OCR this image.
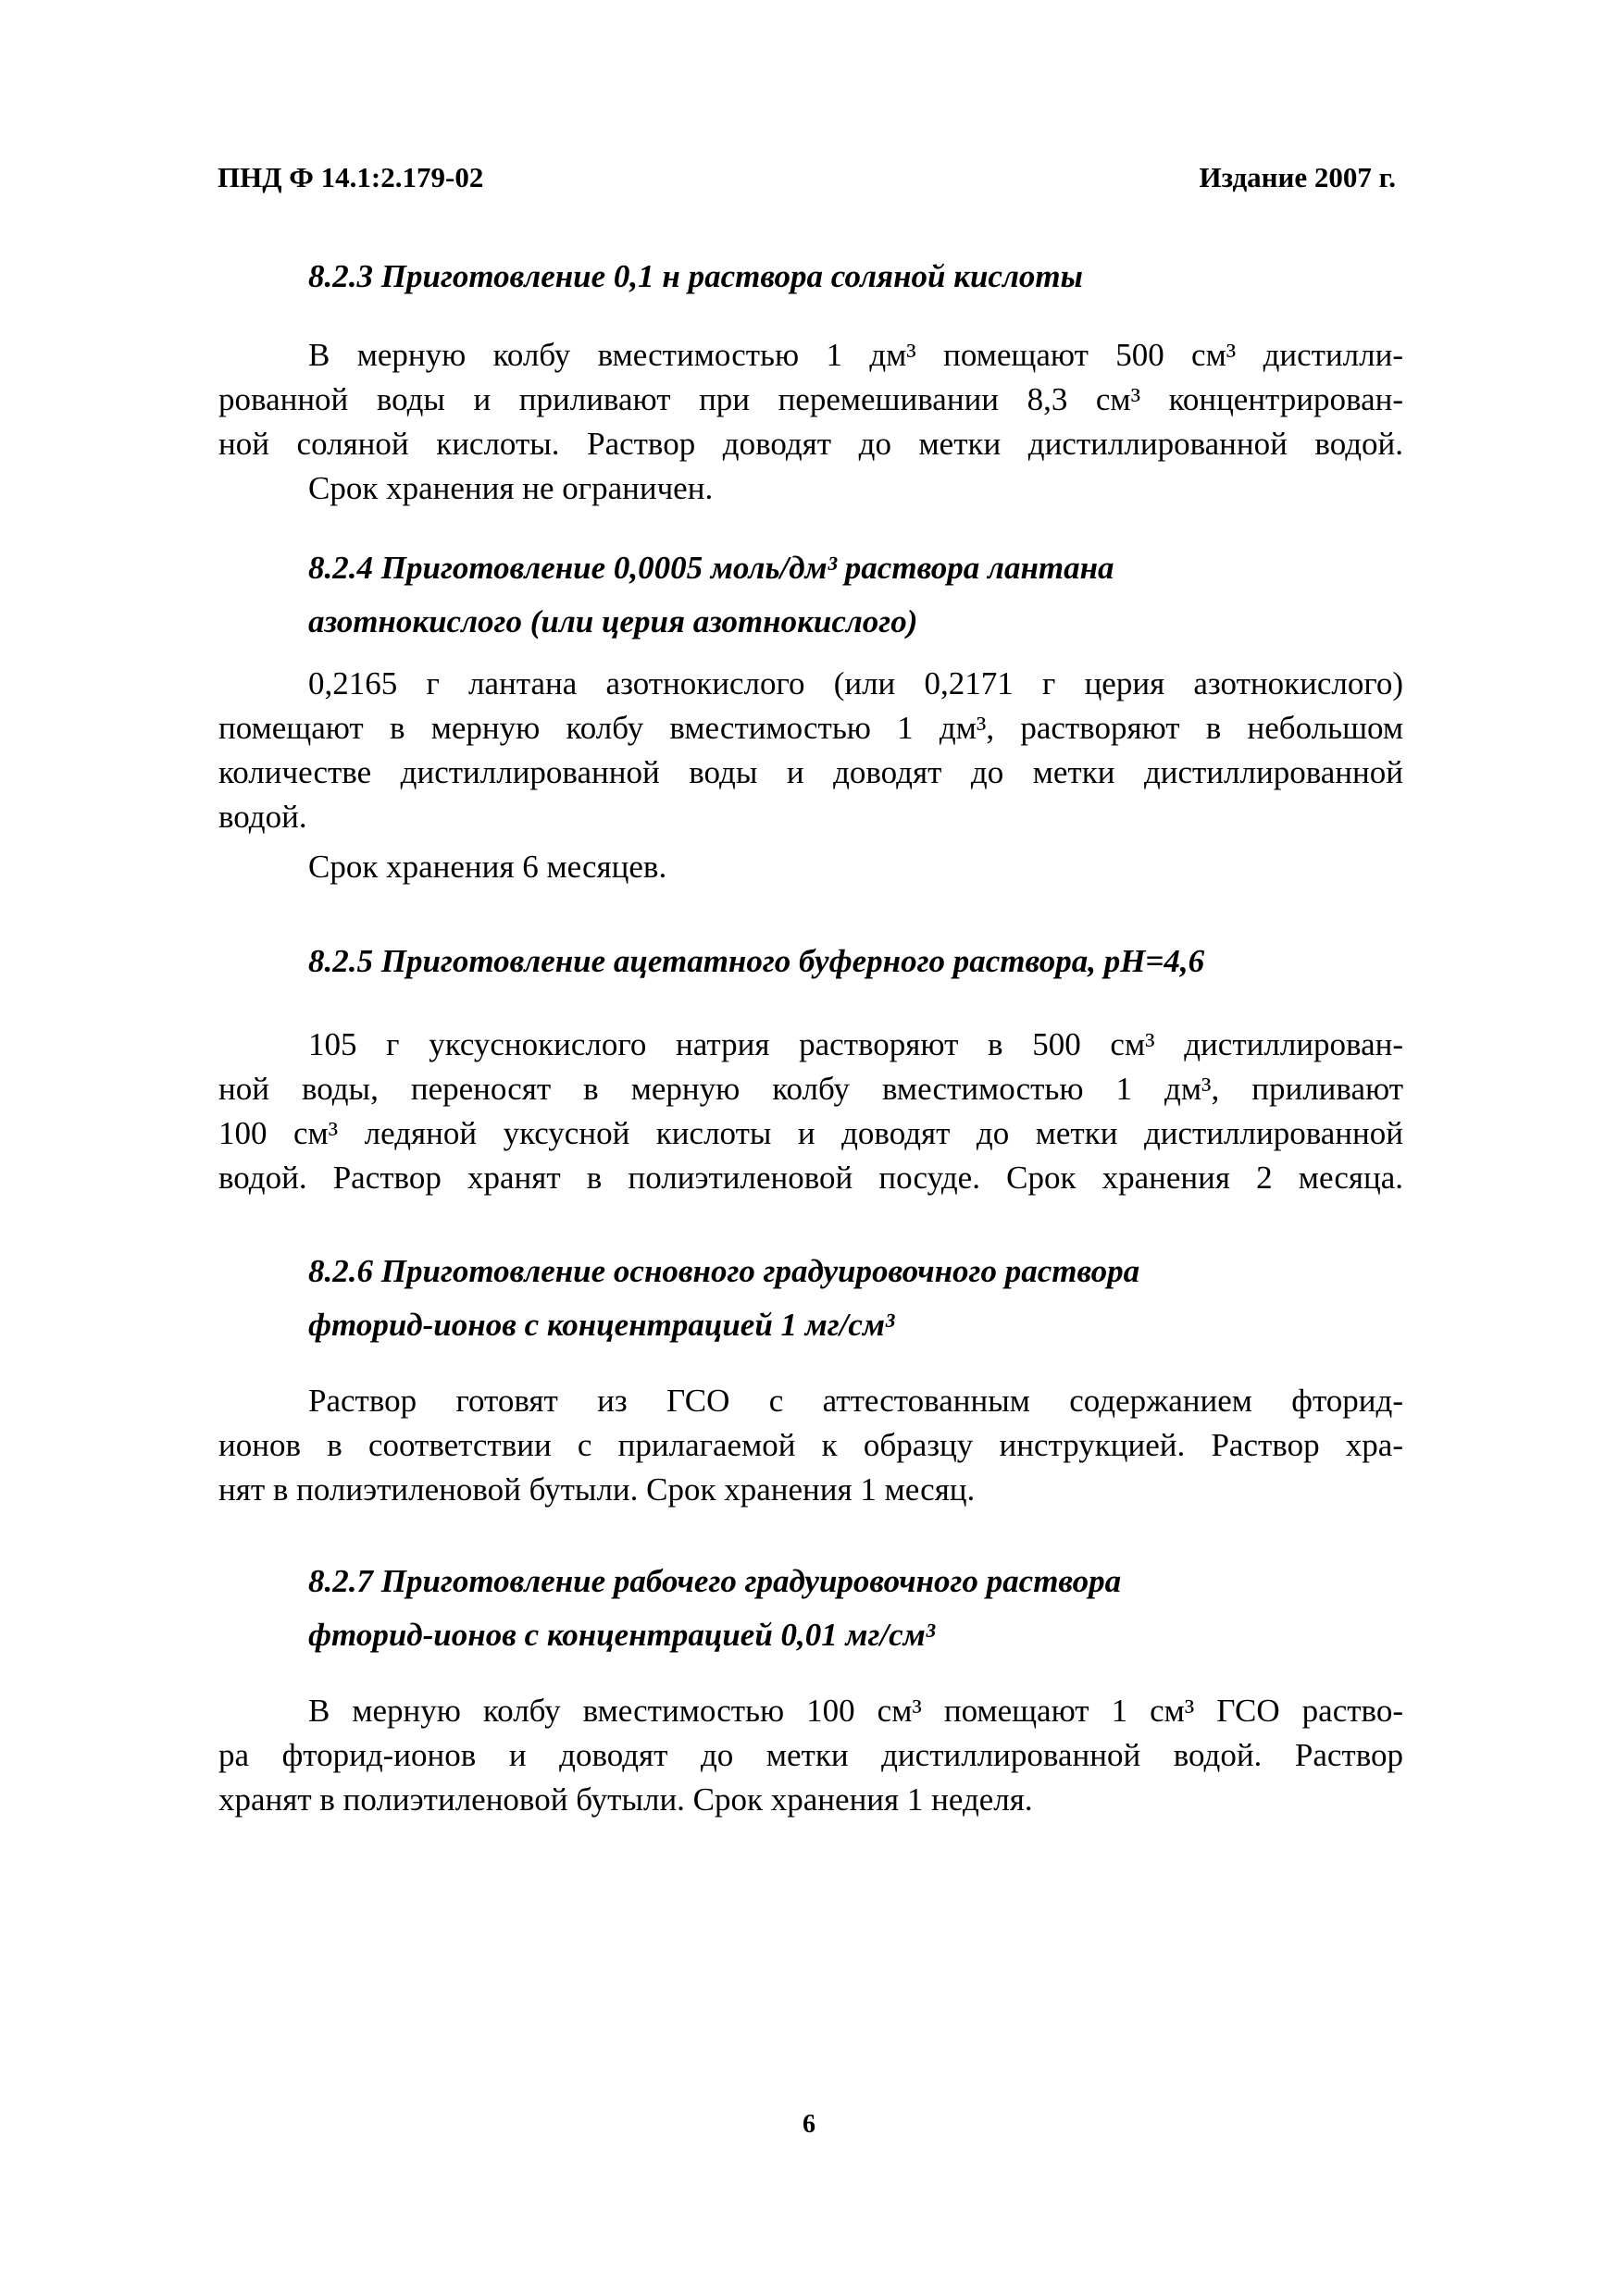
ПНД Ф 14.1:2.179-02	Издание 2007 г.
8.2.3 Приготовление 0,1 н раствора соляной кислоты
В мерную колбу вместимостью 1 дм³ помещают 500 см³ дистилли-
рованной воды и приливают при перемешивании 8,3 см³ концентрирован-
ной соляной кислоты. Раствор доводят до метки дистиллированной водой.
Срок хранения не ограничен.
8.2.4 Приготовление 0,0005 моль/дм³ раствора лантана
азотнокислого (или церия азотнокислого)
0,2165 г лантана азотнокислого (или 0,2171 г церия азотнокислого)
помещают в мерную колбу вместимостью 1 дм³, растворяют в небольшом
количестве дистиллированной воды и доводят до метки дистиллированной
водой.
Срок хранения 6 месяцев.
8.2.5 Приготовление ацетатного буферного раствора, pH=4,6
105 г уксуснокислого натрия растворяют в 500 см³ дистиллирован-
ной воды, переносят в мерную колбу вместимостью 1 дм³, приливают
100 см³ ледяной уксусной кислоты и доводят до метки дистиллированной
водой. Раствор хранят в полиэтиленовой посуде. Срок хранения 2 месяца.
8.2.6 Приготовление основного градуировочного раствора
фторид-ионов с концентрацией 1 мг/см³
Раствор готовят из ГСО с аттестованным содержанием фторид-
ионов в соответствии с прилагаемой к образцу инструкцией. Раствор хра-
нят в полиэтиленовой бутыли. Срок хранения 1 месяц.
8.2.7 Приготовление рабочего градуировочного раствора
фторид-ионов с концентрацией 0,01 мг/см³
В мерную колбу вместимостью 100 см³ помещают 1 см³ ГСО раство-
ра фторид-ионов и доводят до метки дистиллированной водой. Раствор
хранят в полиэтиленовой бутыли. Срок хранения 1 неделя.
6
